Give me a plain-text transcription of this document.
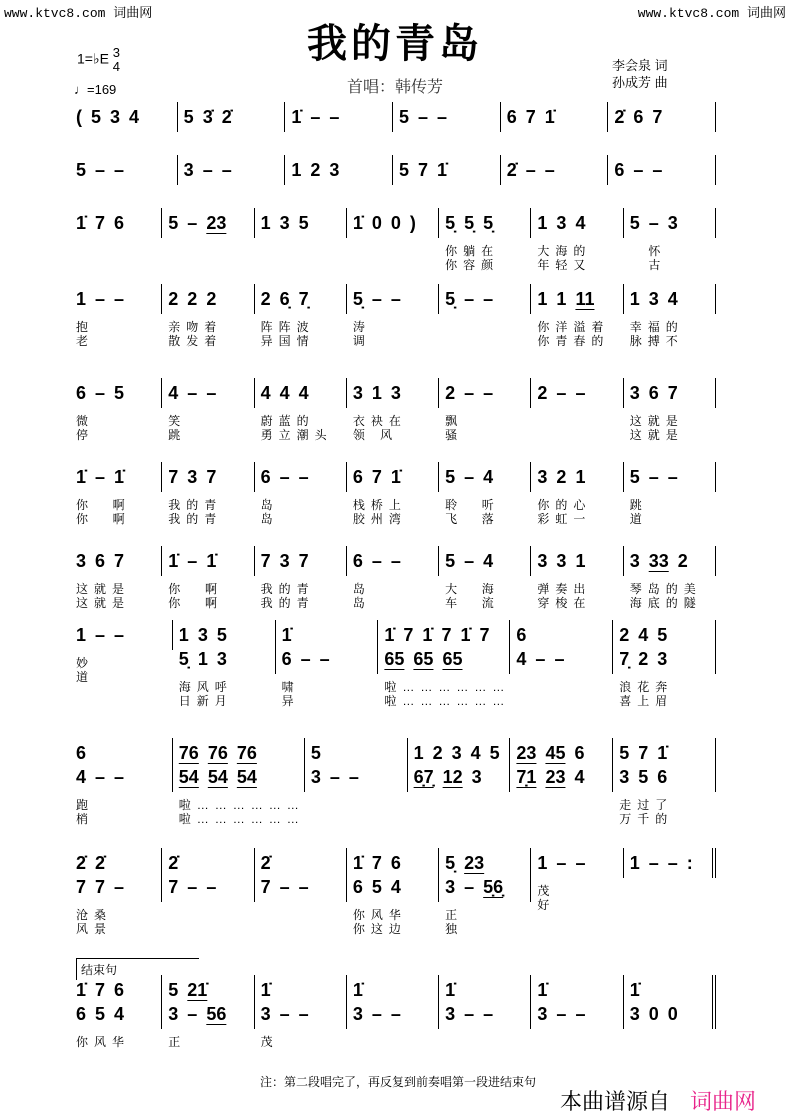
www.ktvc8.com 词曲网	www.ktvc8.com 词曲网
我的青岛
1=♭E 3
4
♩=169	首唱：韩传芳
李会泉 词
孙成芳 曲
( 5 3 4

5 3̇ 2̇

	1̇ – –

	5 – –

	6 7 1̇

	2̇ 6 7

5 – –

	3 – –

	1 2 3

	5 7 1̇

	2̇ – –

	6 – –

1̇ 7 6

5 – 23

1 3 5

1̇ 0 0 )

5̣ 5̣ 5̣
你躺在
你容颜
1 3 4
大海的
年轻又
5 – 3
怀
古
1 – –
抱
老
2 2 2
亲吻着
散发着
2 6̣ 7̣
阵阵波
异国情
5̣ – –
涛
调
5̣ – –

1 1 11
你洋溢着
你青春的
1 3 4
幸福的
脉搏不
6 – 5
微
停
4 – –
笑
跳
4 4 4
蔚蓝的
勇立潮头
3 1 3
衣袂在
领 风
2 – –
飘
骚
2 – –

3 6 7
这就是
这就是
1̇ – 1̇
你  啊
你  啊
7 3 7
我的青
我的青
6 – –
岛
岛
6 7 1̇
栈桥上
胶州湾
5 – 4
聆  听
飞  落
3 2 1
你的心
彩虹一
5 – –
跳
道
3 6 7
这就是
这就是
1̇ – 1̇
你  啊
你  啊
7 3 7
我的青
我的青
6 – –
岛
岛
5 – 4
大  海
车  流
3 3 1
弹奏出
穿梭在
3 33 2
琴岛的美
海底的隧
1 – –
妙
道
1 3 5
5̣ 1 3
海风呼
日新月
1̇
6 – –
啸
异
1̇ 7 1̇ 7 1̇ 7
65 65 65
啦………………
啦………………
6
4 – –

2 4 5
7̣ 2 3
浪花奔
喜上眉
6
4 – –
跑
梢
76 76 76
54 54 54
啦………………
啦………………
5
3 – –

1 2 3 4 5
6̣7̣ 12 3

23 45 6
7̣1 23 4

5 7 1̇
3 5 6
走过了
万千的
2̇ 2̇
7 7 –
沧桑
风景
2̇
7 – –

2̇
7 – –

1̇ 7 6
6 5 4
你风华
你这边
5̣ 23
3 – 5̣6̣
正
独
1 – –
茂
好
1 – – :

1̇ 7 6
6 5 4
你风华

5 21̇
3 – 56
正

1̇
3 – –
茂

1̇
3 – –

1̇
3 – –

1̇
3 – –

1̇
3 0 0

结束句
注：第二段唱完了，再反复到前奏唱第一段进结束句
本曲谱源自 词曲网
